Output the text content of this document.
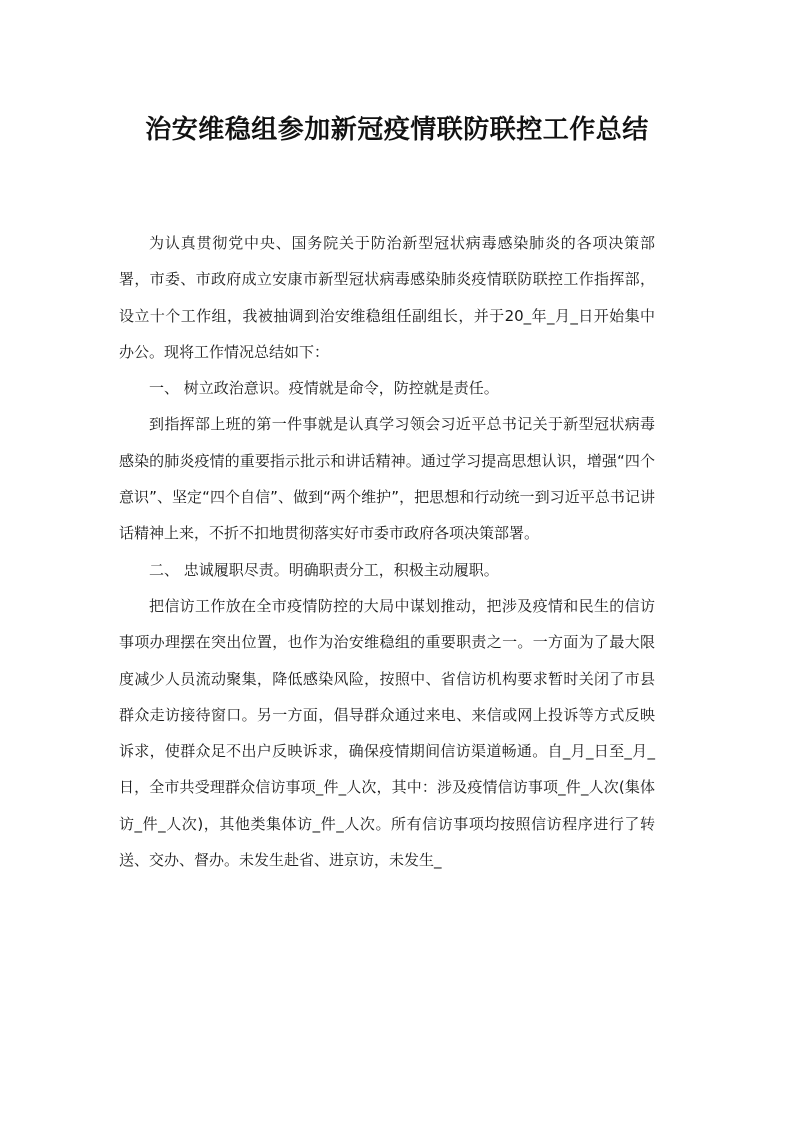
治安维稳组参加新冠疫情联防联控工作总结

为认真贯彻党中央、国务院关于防治新型冠状病毒感染肺炎的各项决策部署，市委、市政府成立安康市新型冠状病毒感染肺炎疫情联防联控工作指挥部，设立十个工作组，我被抽调到治安维稳组任副组长，并于20_年_月_日开始集中办公。现将工作情况总结如下：

一、 树立政治意识。疫情就是命令，防控就是责任。

到指挥部上班的第一件事就是认真学习领会习近平总书记关于新型冠状病毒感染的肺炎疫情的重要指示批示和讲话精神。通过学习提高思想认识，增强“四个意识”、坚定“四个自信”、做到“两个维护”，把思想和行动统一到习近平总书记讲话精神上来，不折不扣地贯彻落实好市委市政府各项决策部署。

二、 忠诚履职尽责。明确职责分工，积极主动履职。

把信访工作放在全市疫情防控的大局中谋划推动，把涉及疫情和民生的信访事项办理摆在突出位置，也作为治安维稳组的重要职责之一。一方面为了最大限度减少人员流动聚集，降低感染风险，按照中、省信访机构要求暂时关闭了市县群众走访接待窗口。另一方面，倡导群众通过来电、来信或网上投诉等方式反映诉求，使群众足不出户反映诉求，确保疫情期间信访渠道畅通。自_月_日至_月_日，全市共受理群众信访事项_件_人次，其中：涉及疫情信访事项_件_人次(集体访_件_人次)，其他类集体访_件_人次。所有信访事项均按照信访程序进行了转送、交办、督办。未发生赴省、进京访，未发生_
